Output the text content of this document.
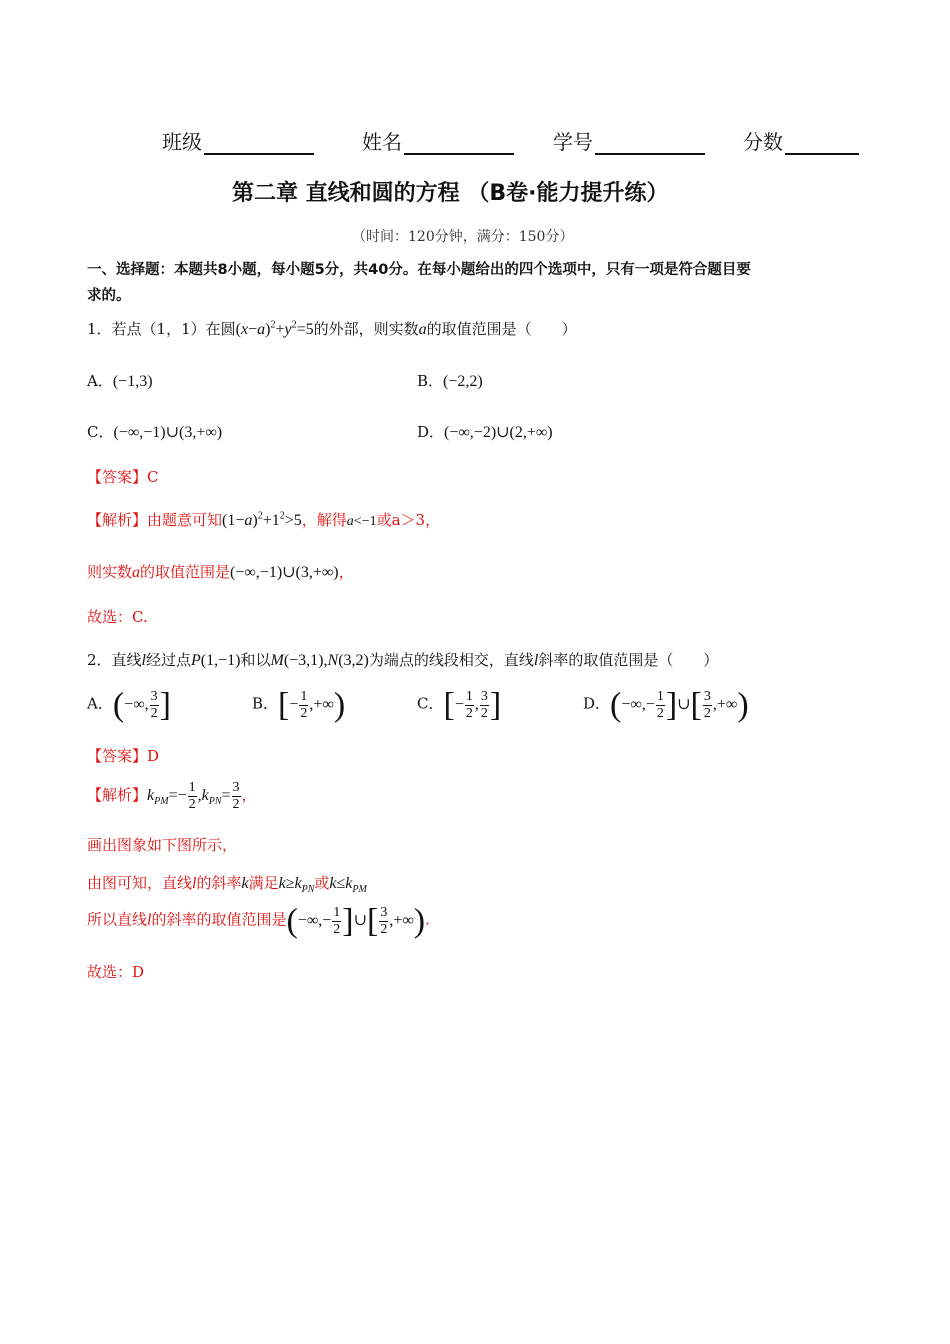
班级	姓名	学号	分数
第二章 直线和圆的方程 （B卷·能力提升练）
（时间：120分钟，满分：150分）
一、选择题：本题共8小题，每小题5分，共40分。在每小题给出的四个选项中，只有一项是符合题目要
求的。
1．若点（1，1）在圆$(x-a)^2+y^2=5$的外部，则实数a的取值范围是（　　）
A．(−1,3)	B．(−2,2)
C．(−∞,−1)∪(3,+∞)	D．(−∞,−2)∪(2,+∞)
【答案】C
【解析】由题意可知$(1-a)^2+1^2>5$，解得a<−1或a＞3，
则实数a的取值范围是(−∞,−1)∪(3,+∞)，
故选：C.
2．直线l经过点P(1,−1)和以M(−3,1),N(3,2)为端点的线段相交，直线l斜率的取值范围是（　　）
A．(−∞, $\frac{3}{2}$ ]	B．[− $\frac{1}{2}$ ,+∞)	C．[− $\frac{1}{2}$ , $\frac{3}{2}$ ]	D．(−∞,− $\frac{1}{2}$ ]∪[ $\frac{3}{2}$ ,+∞)
【答案】D
【解析】$k_{PM}=- \frac{1}{2} ,k_{PN}= \frac{3}{2}$ ，
画出图象如下图所示，
由图可知，直线l的斜率k满足$k\ge k_{PN}$或$k\le k_{PM}$
所以直线l的斜率的取值范围是(−∞,− $\frac{1}{2}$ ]∪[ $\frac{3}{2}$ ,+∞).
故选：D
